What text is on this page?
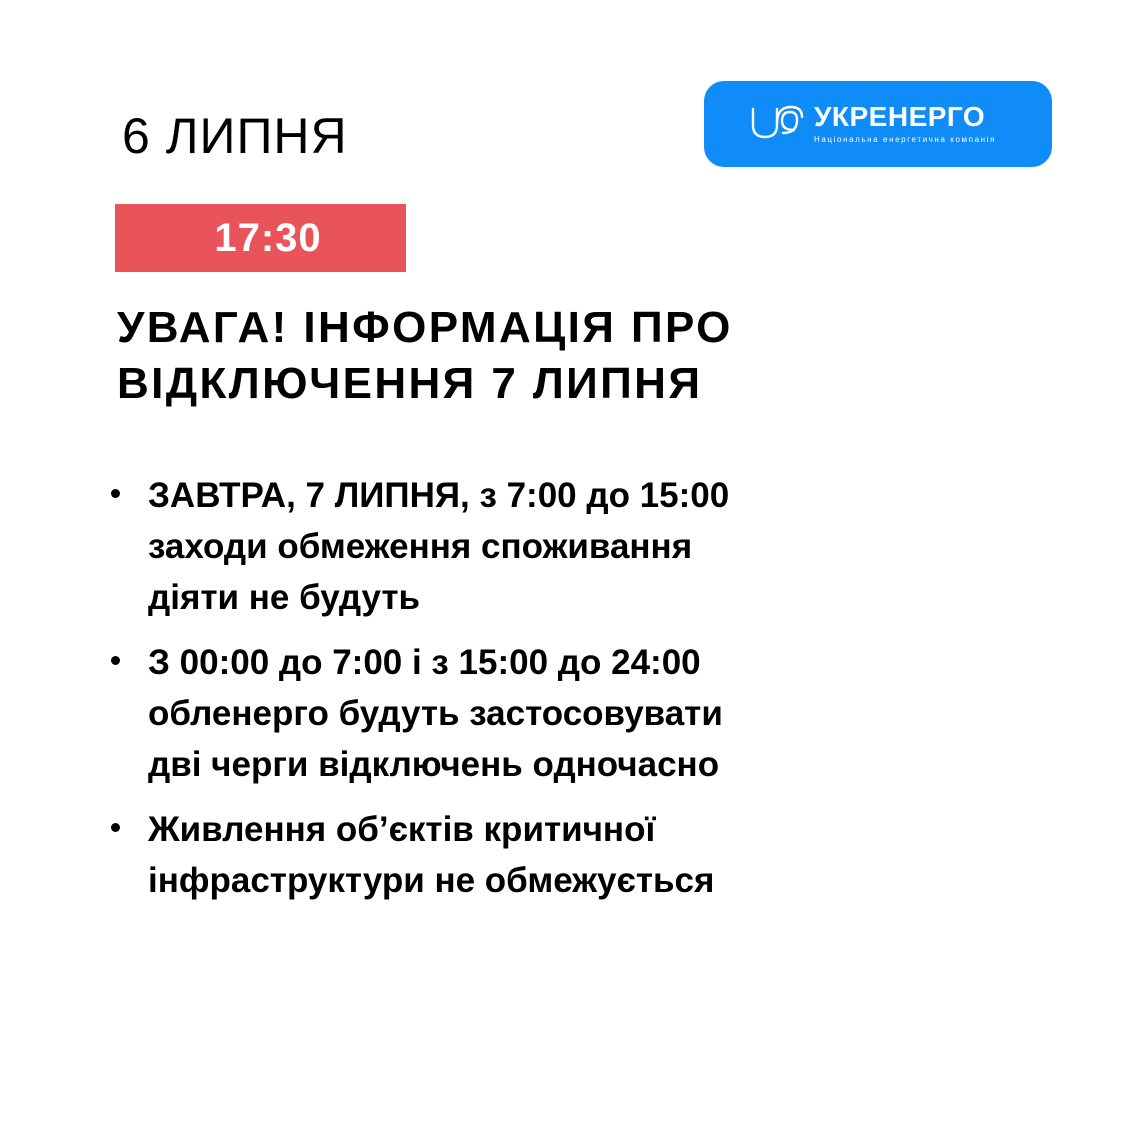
6 ЛИПНЯ	УКРЕНЕРГО
Національна енергетична компанія
17:30
УВАГА! ІНФОРМАЦІЯ ПРО
ВІДКЛЮЧЕННЯ 7 ЛИПНЯ
ЗАВТРА, 7 ЛИПНЯ, з 7:00 до 15:00
заходи обмеження споживання
діяти не будуть
З 00:00 до 7:00 і з 15:00 до 24:00
обленерго будуть застосовувати
дві черги відключень одночасно
Живлення об’єктів критичної
інфраструктури не обмежується
